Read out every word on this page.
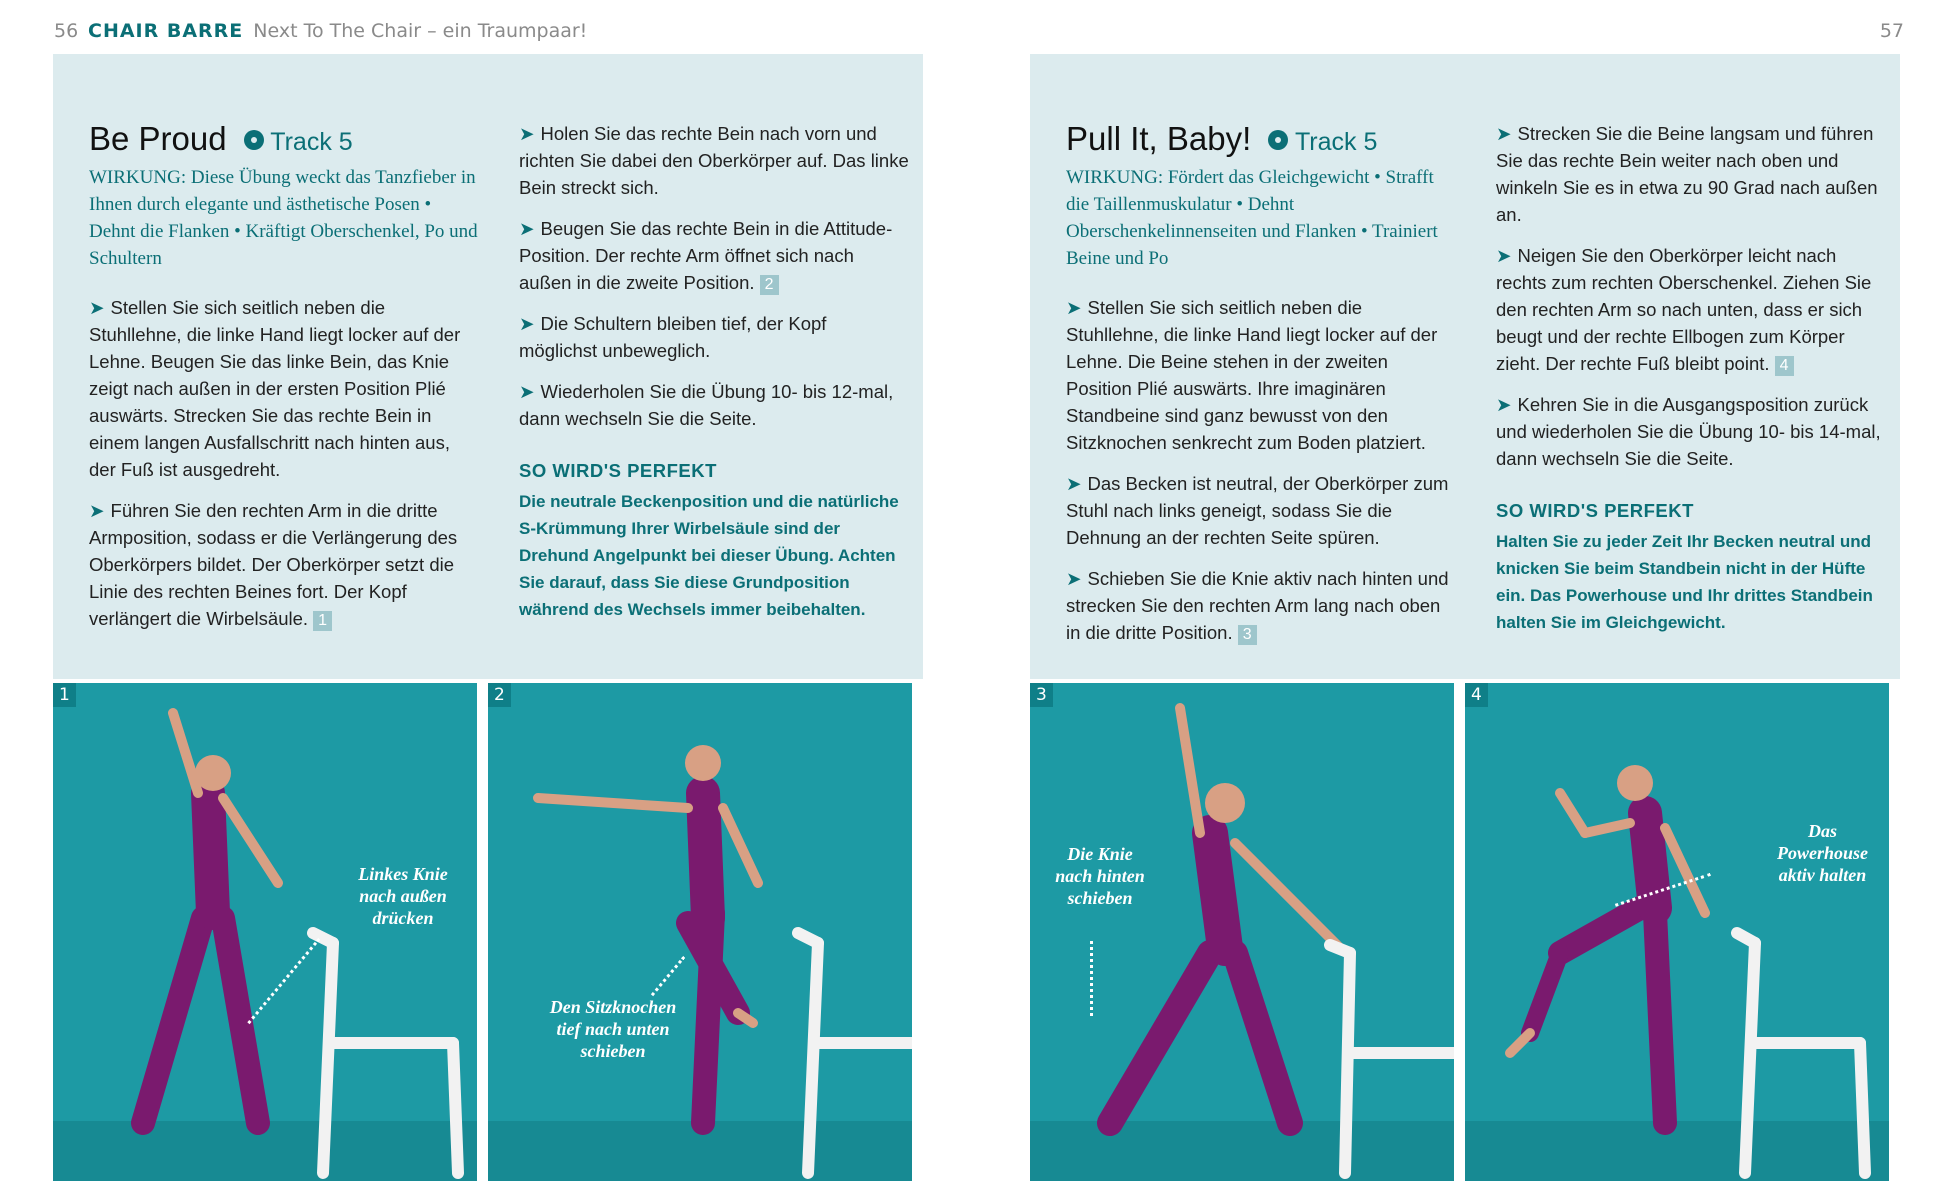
56 CHAIR BARRE Next To The Chair – ein Traumpaar!	57
Be Proud Track 5

WIRKUNG: Diese Übung weckt das Tanzfieber in Ihnen durch elegante und ästhetische Posen • Dehnt die Flanken • Kräftigt Oberschenkel, Po und Schultern

➤ Stellen Sie sich seitlich neben die Stuhllehne, die linke Hand liegt locker auf der Lehne. Beugen Sie das linke Bein, das Knie zeigt nach außen in der ersten Position Plié auswärts. Strecken Sie das rechte Bein in einem langen Ausfallschritt nach hinten aus, der Fuß ist ausgedreht.

➤ Führen Sie den rechten Arm in die dritte Armposition, sodass er die Verlängerung des Oberkörpers bildet. Der Oberkörper setzt die Linie des rechten Beines fort. Der Kopf verlängert die Wirbelsäule. 1

➤ Holen Sie das rechte Bein nach vorn und richten Sie dabei den Oberkörper auf. Das linke Bein streckt sich.

➤ Beugen Sie das rechte Bein in die Attitude-Position. Der rechte Arm öffnet sich nach außen in die zweite Position. 2

➤ Die Schultern bleiben tief, der Kopf möglichst unbeweglich.

➤ Wiederholen Sie die Übung 10- bis 12-mal, dann wechseln Sie die Seite.

SO WIRD'S PERFEKT

Die neutrale Beckenposition und die natürliche S-Krümmung Ihrer Wirbelsäule sind der Drehund Angelpunkt bei dieser Übung. Achten Sie darauf, dass Sie diese Grundposition während des Wechsels immer beibehalten.

Pull It, Baby! Track 5

WIRKUNG: Fördert das Gleichgewicht • Strafft die Taillenmuskulatur • Dehnt Oberschenkelinnenseiten und Flanken • Trainiert Beine und Po

➤ Stellen Sie sich seitlich neben die Stuhllehne, die linke Hand liegt locker auf der Lehne. Die Beine stehen in der zweiten Position Plié auswärts. Ihre imaginären Standbeine sind ganz bewusst von den Sitzknochen senkrecht zum Boden platziert.

➤ Das Becken ist neutral, der Oberkörper zum Stuhl nach links geneigt, sodass Sie die Dehnung an der rechten Seite spüren.

➤ Schieben Sie die Knie aktiv nach hinten und strecken Sie den rechten Arm lang nach oben in die dritte Position. 3

➤ Strecken Sie die Beine langsam und führen Sie das rechte Bein weiter nach oben und winkeln Sie es in etwa zu 90 Grad nach außen an.

➤ Neigen Sie den Oberkörper leicht nach rechts zum rechten Oberschenkel. Ziehen Sie den rechten Arm so nach unten, dass er sich beugt und der rechte Ellbogen zum Körper zieht. Der rechte Fuß bleibt point. 4

➤ Kehren Sie in die Ausgangsposition zurück und wiederholen Sie die Übung 10- bis 14-mal, dann wechseln Sie die Seite.

SO WIRD'S PERFEKT

Halten Sie zu jeder Zeit Ihr Becken neutral und knicken Sie beim Standbein nicht in der Hüfte ein. Das Powerhouse und Ihr drittes Standbein halten Sie im Gleichgewicht.

1
Linkes Knie nach außen drücken
2
Den Sitzknochen tief nach unten schieben
3
Die Knie nach hinten schieben
4
Das Powerhouse aktiv halten
